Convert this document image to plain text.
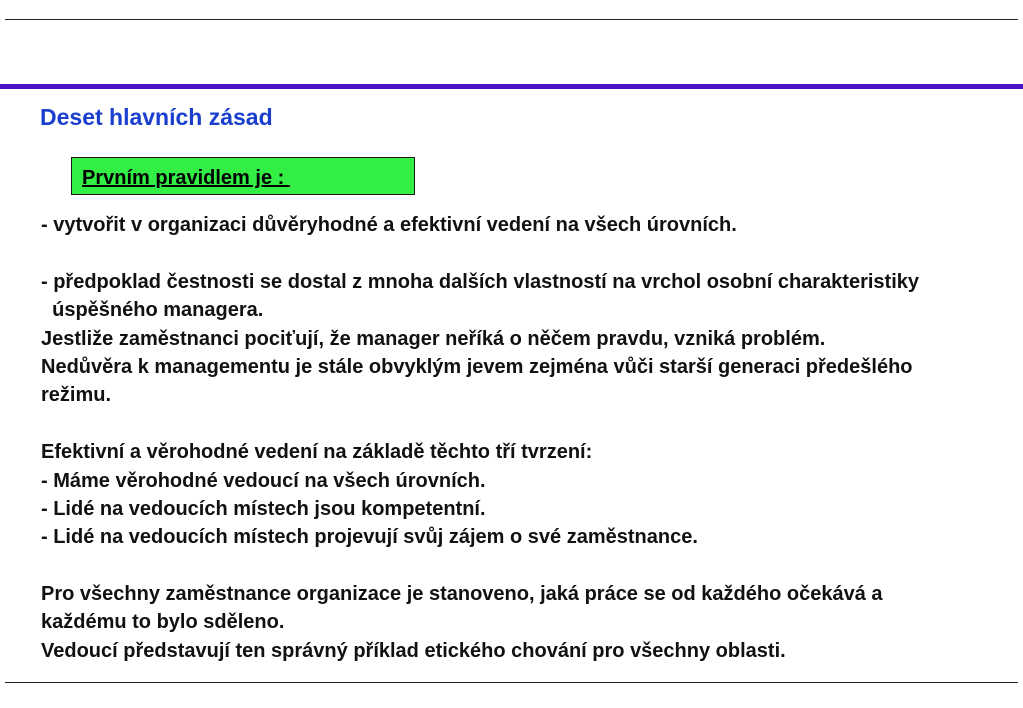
Deset hlavních zásad
Prvním pravidlem je :
- vytvořit v organizaci důvěryhodné a efektivní vedení na všech úrovních.
- předpoklad čestnosti se dostal z mnoha dalších vlastností na vrchol osobní charakteristiky
úspěšného managera.
Jestliže zaměstnanci pociťují, že manager neříká o něčem pravdu, vzniká problém.
Nedůvěra k managementu je stále obvyklým jevem zejména vůči starší generaci předešlého
režimu.
Efektivní a věrohodné vedení na základě těchto tří tvrzení:
- Máme věrohodné vedoucí na všech úrovních.
- Lidé na vedoucích místech jsou kompetentní.
- Lidé na vedoucích místech projevují svůj zájem o své zaměstnance.
Pro všechny zaměstnance organizace je stanoveno, jaká práce se od každého očekává a
každému to bylo sděleno.
Vedoucí představují ten správný příklad etického chování pro všechny oblasti.
